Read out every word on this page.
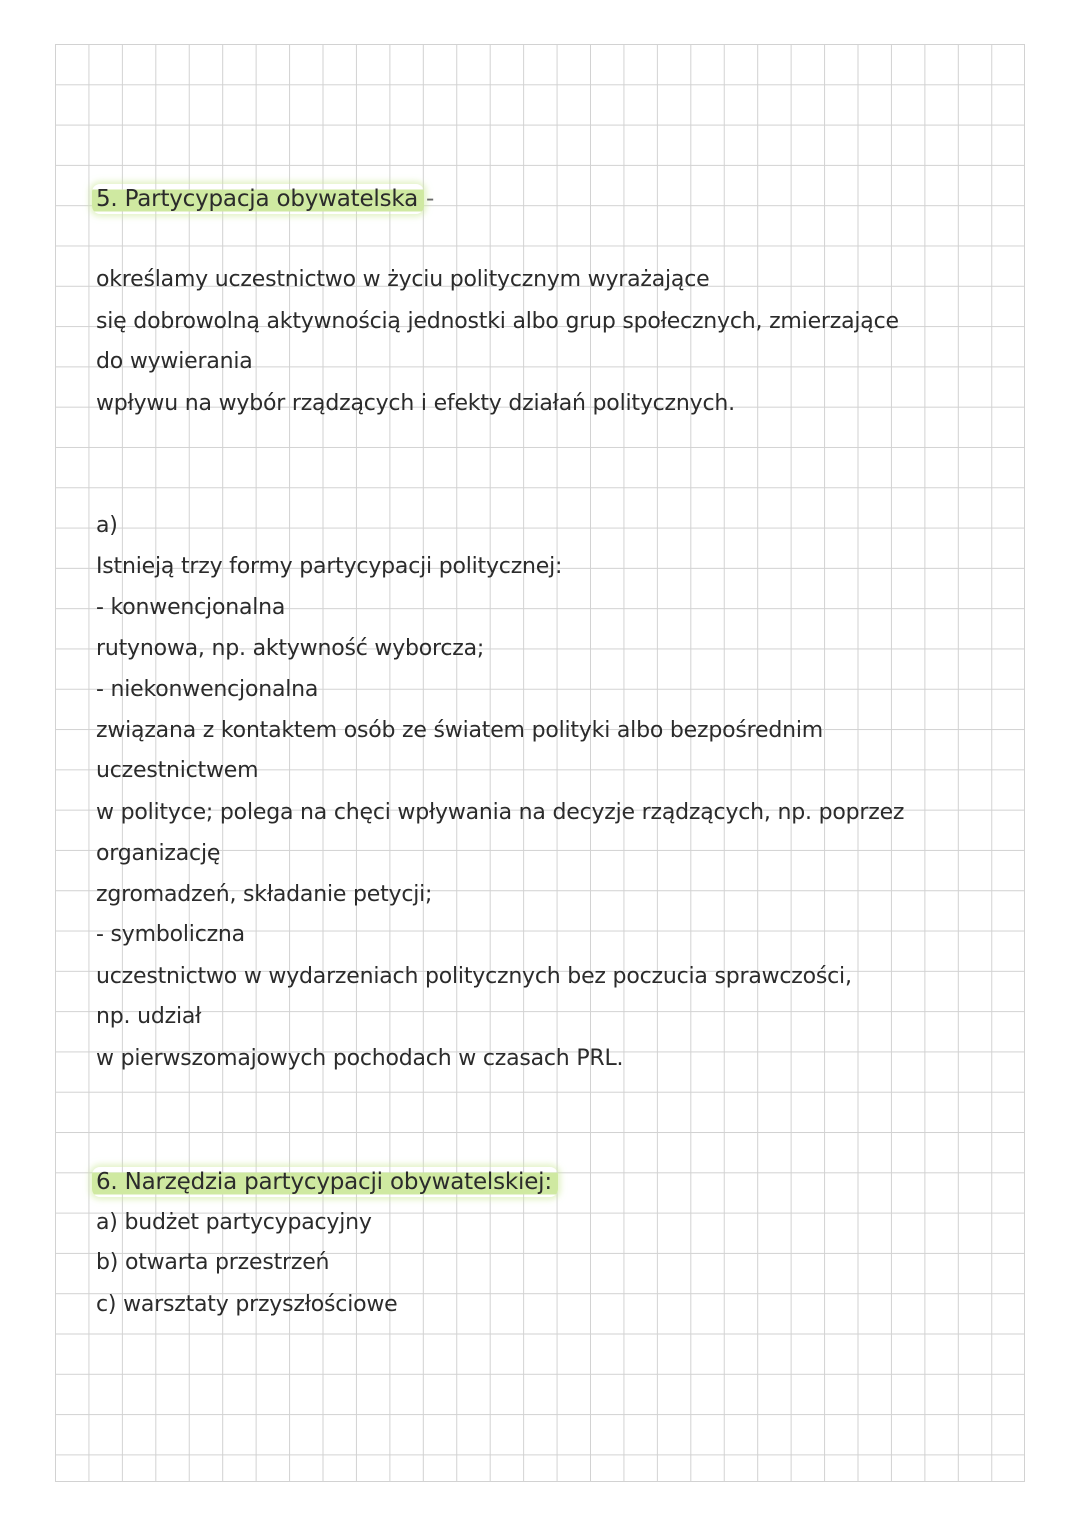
5. Partycypacja obywatelska -

określamy uczestnictwo w życiu politycznym wyrażające

się dobrowolną aktywnością jednostki albo grup społecznych, zmierzające

do wywierania

wpływu na wybór rządzących i efekty działań politycznych.

a)

Istnieją trzy formy partycypacji politycznej:

- konwencjonalna

rutynowa, np. aktywność wyborcza;

- niekonwencjonalna

związana z kontaktem osób ze światem polityki albo bezpośrednim

uczestnictwem

w polityce; polega na chęci wpływania na decyzje rządzących, np. poprzez

organizację

zgromadzeń, składanie petycji;

- symboliczna

uczestnictwo w wydarzeniach politycznych bez poczucia sprawczości,

np. udział

w pierwszomajowych pochodach w czasach PRL.

6. Narzędzia partycypacji obywatelskiej:

a) budżet partycypacyjny

b) otwarta przestrzeń

c) warsztaty przyszłościowe
